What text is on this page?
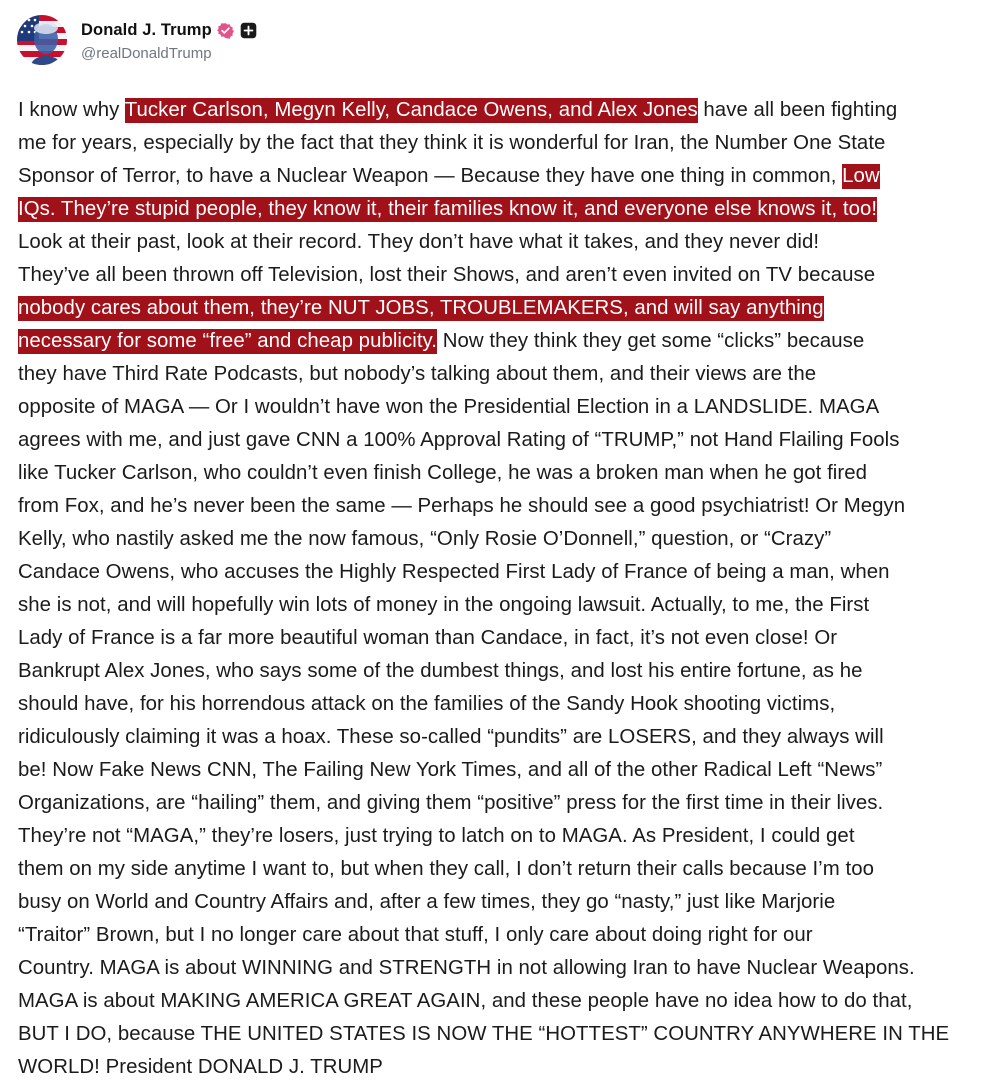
Donald J. Trump
@realDonaldTrump
I know why Tucker Carlson, Megyn Kelly, Candace Owens, and Alex Jones have all been fighting
me for years, especially by the fact that they think it is wonderful for Iran, the Number One State
Sponsor of Terror, to have a Nuclear Weapon — Because they have one thing in common, Low
IQs. They’re stupid people, they know it, their families know it, and everyone else knows it, too!
Look at their past, look at their record. They don’t have what it takes, and they never did!
They’ve all been thrown off Television, lost their Shows, and aren’t even invited on TV because
nobody cares about them, they’re NUT JOBS, TROUBLEMAKERS, and will say anything
necessary for some “free” and cheap publicity. Now they think they get some “clicks” because
they have Third Rate Podcasts, but nobody’s talking about them, and their views are the
opposite of MAGA — Or I wouldn’t have won the Presidential Election in a LANDSLIDE. MAGA
agrees with me, and just gave CNN a 100% Approval Rating of “TRUMP,” not Hand Flailing Fools
like Tucker Carlson, who couldn’t even finish College, he was a broken man when he got fired
from Fox, and he’s never been the same — Perhaps he should see a good psychiatrist! Or Megyn
Kelly, who nastily asked me the now famous, “Only Rosie O’Donnell,” question, or “Crazy”
Candace Owens, who accuses the Highly Respected First Lady of France of being a man, when
she is not, and will hopefully win lots of money in the ongoing lawsuit. Actually, to me, the First
Lady of France is a far more beautiful woman than Candace, in fact, it’s not even close! Or
Bankrupt Alex Jones, who says some of the dumbest things, and lost his entire fortune, as he
should have, for his horrendous attack on the families of the Sandy Hook shooting victims,
ridiculously claiming it was a hoax. These so-called “pundits” are LOSERS, and they always will
be! Now Fake News CNN, The Failing New York Times, and all of the other Radical Left “News”
Organizations, are “hailing” them, and giving them “positive” press for the first time in their lives.
They’re not “MAGA,” they’re losers, just trying to latch on to MAGA. As President, I could get
them on my side anytime I want to, but when they call, I don’t return their calls because I’m too
busy on World and Country Affairs and, after a few times, they go “nasty,” just like Marjorie
“Traitor” Brown, but I no longer care about that stuff, I only care about doing right for our
Country. MAGA is about WINNING and STRENGTH in not allowing Iran to have Nuclear Weapons.
MAGA is about MAKING AMERICA GREAT AGAIN, and these people have no idea how to do that,
BUT I DO, because THE UNITED STATES IS NOW THE “HOTTEST” COUNTRY ANYWHERE IN THE
WORLD! President DONALD J. TRUMP
